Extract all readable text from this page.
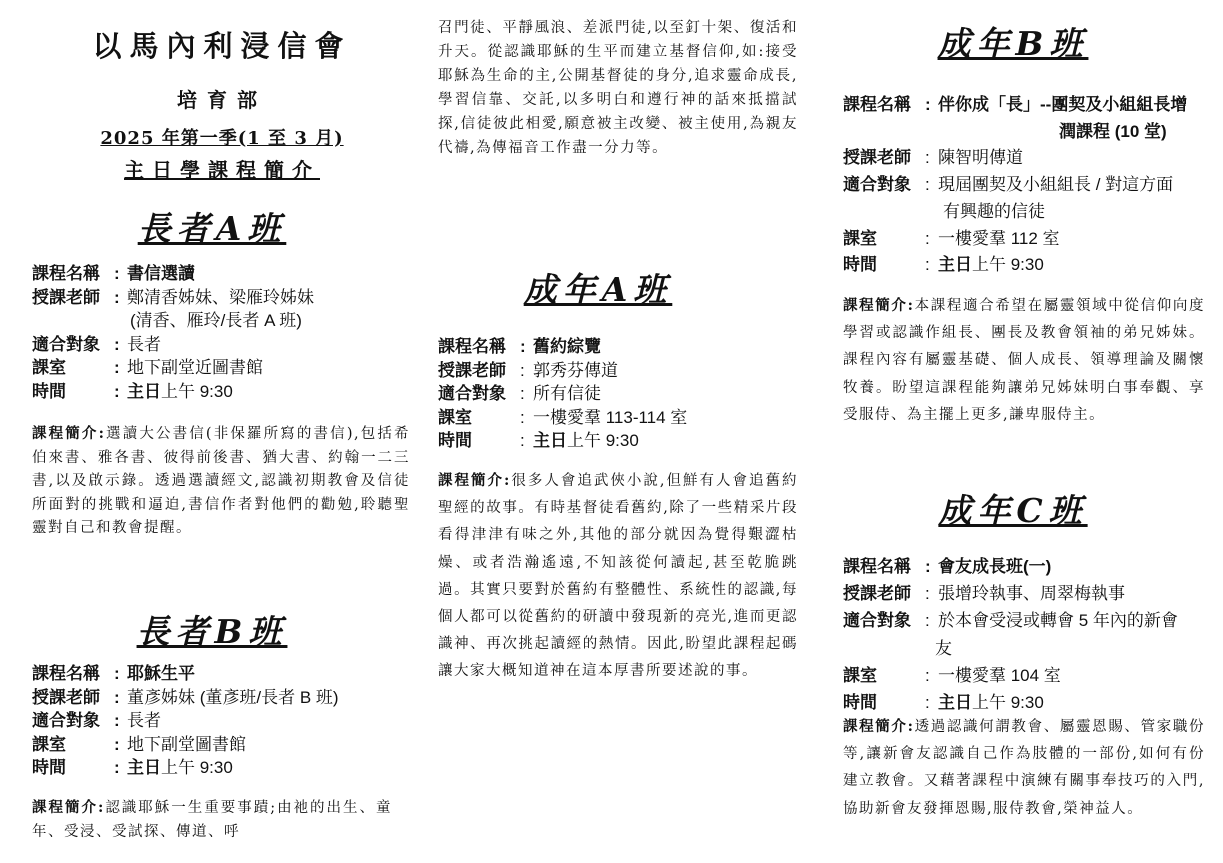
以馬內利浸信會
培育部
2025 年第一季(1 至 3 月)
主日學課程簡介
長者A班
課程名稱 : 書信選讀
授課老師 : 鄭清香姊妹、梁雁玲姊妹
(清香、雁玲/長者 A 班)
適合對象 : 長者
課室	: 地下副堂近圖書館
時間	: 主日上午 9:30

課程簡介:選讀大公書信(非保羅所寫的書信),包括希伯來書、雅各書、彼得前後書、猶大書、約翰一二三書,以及啟示錄。透過選讀經文,認識初期教會及信徒所面對的挑戰和逼迫,書信作者對他們的勸勉,聆聽聖靈對自己和教會提醒。

長者B班
課程名稱 : 耶穌生平
授課老師 : 董彥姊妹 (董彥班/長者 B 班)
適合對象 : 長者
課室	: 地下副堂圖書館
時間	: 主日上午 9:30

課程簡介:認識耶穌一生重要事蹟;由祂的出生、童年、受浸、受試探、傳道、呼

召門徒、平靜風浪、差派門徒,以至釘十架、復活和升天。從認識耶穌的生平而建立基督信仰,如:接受耶穌為生命的主,公開基督徒的身分,追求靈命成長,學習信靠、交託,以多明白和遵行神的話來抵擋試探,信徒彼此相愛,願意被主改變、被主使用,為親友代禱,為傳福音工作盡一分力等。

成年A班
課程名稱 : 舊約綜覽
授課老師 : 郭秀芬傳道
適合對象 : 所有信徒
課室	: 一樓愛羣 113-114 室
時間	: 主日上午 9:30

課程簡介:很多人會追武俠小說,但鮮有人會追舊約聖經的故事。有時基督徒看舊約,除了一些精采片段看得津津有味之外,其他的部分就因為覺得艱澀枯燥、或者浩瀚遙遠,不知該從何讀起,甚至乾脆跳過。其實只要對於舊約有整體性、系統性的認識,每個人都可以從舊約的研讀中發現新的亮光,進而更認識神、再次挑起讀經的熱情。因此,盼望此課程起碼讓大家大概知道神在這本厚書所要述說的事。

成年B班
課程名稱 : 伴你成「長」--團契及小組組長增
潤課程 (10 堂)
授課老師 : 陳智明傳道
適合對象 : 現屆團契及小組組長 / 對這方面
有興趣的信徒
課室	: 一樓愛羣 112 室
時間	: 主日上午 9:30

課程簡介:本課程適合希望在屬靈領域中從信仰向度學習或認識作組長、團長及教會領袖的弟兄姊妹。課程內容有屬靈基礎、個人成長、領導理論及關懷牧養。盼望這課程能夠讓弟兄姊妹明白事奉觀、享受服侍、為主擺上更多,謙卑服侍主。

成年C班
課程名稱 : 會友成長班(一)
授課老師 : 張增玲執事、周翠梅執事
適合對象 : 於本會受浸或轉會 5 年內的新會
友
課室	: 一樓愛羣 104 室
時間	: 主日上午 9:30

課程簡介:透過認識何謂教會、屬靈恩賜、管家職份等,讓新會友認識自己作為肢體的一部份,如何有份建立教會。又藉著課程中演練有關事奉技巧的入門,協助新會友發揮恩賜,服侍教會,榮神益人。
